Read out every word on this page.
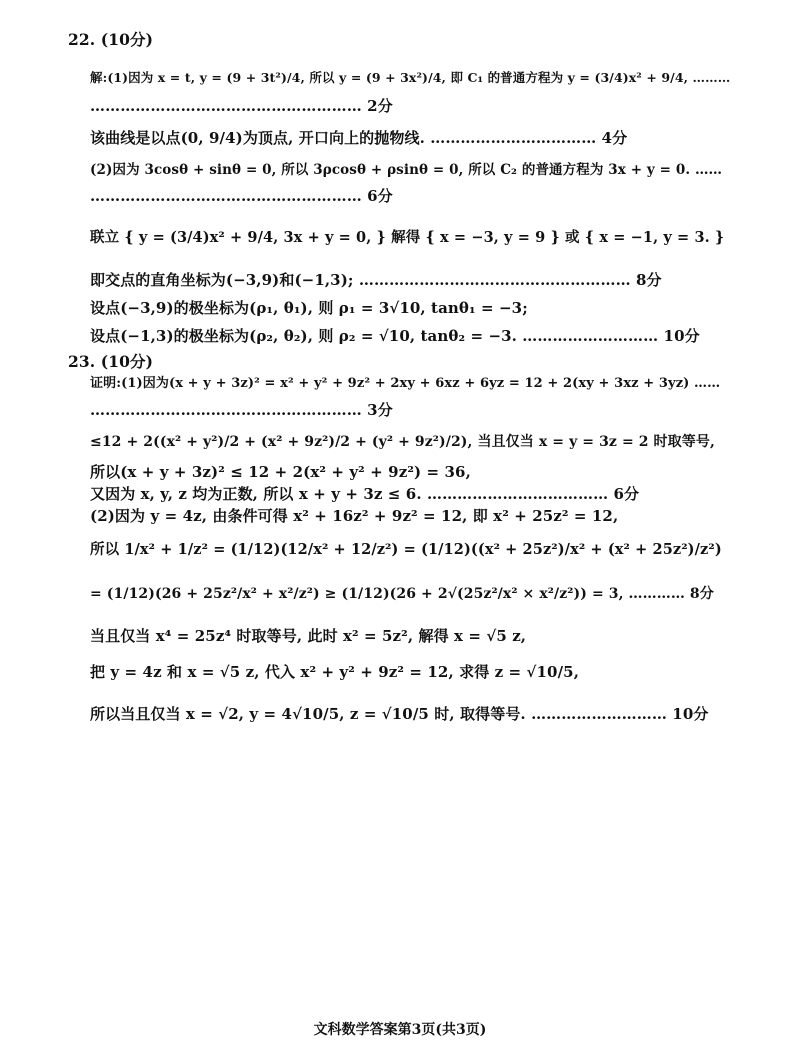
22. (10分)
解:(1)因为 x = t, y = (9 + 3t²)/4, 所以 y = (9 + 3x²)/4, 即 C₁ 的普通方程为 y = (3/4)x² + 9/4, ………
……………………………………………… 2分
该曲线是以点(0, 9/4)为顶点, 开口向上的抛物线. …………………………… 4分
(2)因为 3cosθ + sinθ = 0, 所以 3ρcosθ + ρsinθ = 0, 所以 C₂ 的普通方程为 3x + y = 0. ……
……………………………………………… 6分
联立 { y = (3/4)x² + 9/4, 3x + y = 0, } 解得 { x = −3, y = 9 } 或 { x = −1, y = 3. }
即交点的直角坐标为(−3,9)和(−1,3); ……………………………………………… 8分
设点(−3,9)的极坐标为(ρ₁, θ₁), 则 ρ₁ = 3√10, tanθ₁ = −3;
设点(−1,3)的极坐标为(ρ₂, θ₂), 则 ρ₂ = √10, tanθ₂ = −3. ……………………… 10分
23. (10分)
证明:(1)因为(x + y + 3z)² = x² + y² + 9z² + 2xy + 6xz + 6yz = 12 + 2(xy + 3xz + 3yz) ……
……………………………………………… 3分
≤12 + 2((x² + y²)/2 + (x² + 9z²)/2 + (y² + 9z²)/2), 当且仅当 x = y = 3z = 2 时取等号,
所以(x + y + 3z)² ≤ 12 + 2(x² + y² + 9z²) = 36,
又因为 x, y, z 均为正数, 所以 x + y + 3z ≤ 6. ……………………………… 6分
(2)因为 y = 4z, 由条件可得 x² + 16z² + 9z² = 12, 即 x² + 25z² = 12,
所以 1/x² + 1/z² = (1/12)(12/x² + 12/z²) = (1/12)((x² + 25z²)/x² + (x² + 25z²)/z²)
= (1/12)(26 + 25z²/x² + x²/z²) ≥ (1/12)(26 + 2√(25z²/x² × x²/z²)) = 3, ………… 8分
当且仅当 x⁴ = 25z⁴ 时取等号, 此时 x² = 5z², 解得 x = √5 z,
把 y = 4z 和 x = √5 z, 代入 x² + y² + 9z² = 12, 求得 z = √10/5,
所以当且仅当 x = √2, y = 4√10/5, z = √10/5 时, 取得等号. ……………………… 10分
文科数学答案第3页(共3页)
